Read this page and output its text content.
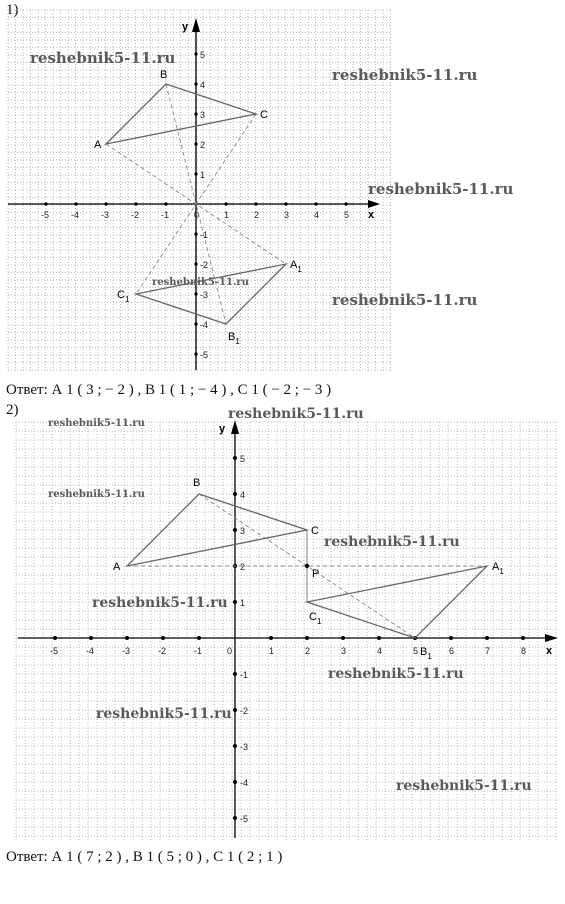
1)
x
y
-5 -4 -3 -2 -1	0	1	2	3	4	5
5
4
3
2
1
-1
-2
-3
-4
-5
A
B
C
$A_1$
$B_1$
$C_1$
reshebnik5-11.ru
reshebnik5-11.ru
reshebnik5-11.ru
reshebnik5-11.ru
reshebnik5-11.ru
Ответ: А 1 ( 3 ; − 2 ) , В 1 ( 1 ; − 4 ) , С 1 ( − 2 ; − 3 )
2)
x
y
-5	-4	-3	-2	-1	0	1	2	3	4	5	6	7	8
5
4
3
2
1
-1
-2
-3
-4
-5
A
B
C
P
$A_1$
$B_1$
$C_1$
reshebnik5-11.ru
reshebnik5-11.ru
reshebnik5-11.ru
reshebnik5-11.ru
reshebnik5-11.ru
reshebnik5-11.ru
reshebnik5-11.ru
reshebnik5-11.ru
Ответ: А 1 ( 7 ; 2 ) , В 1 ( 5 ; 0 ) , С 1 ( 2 ; 1 )
